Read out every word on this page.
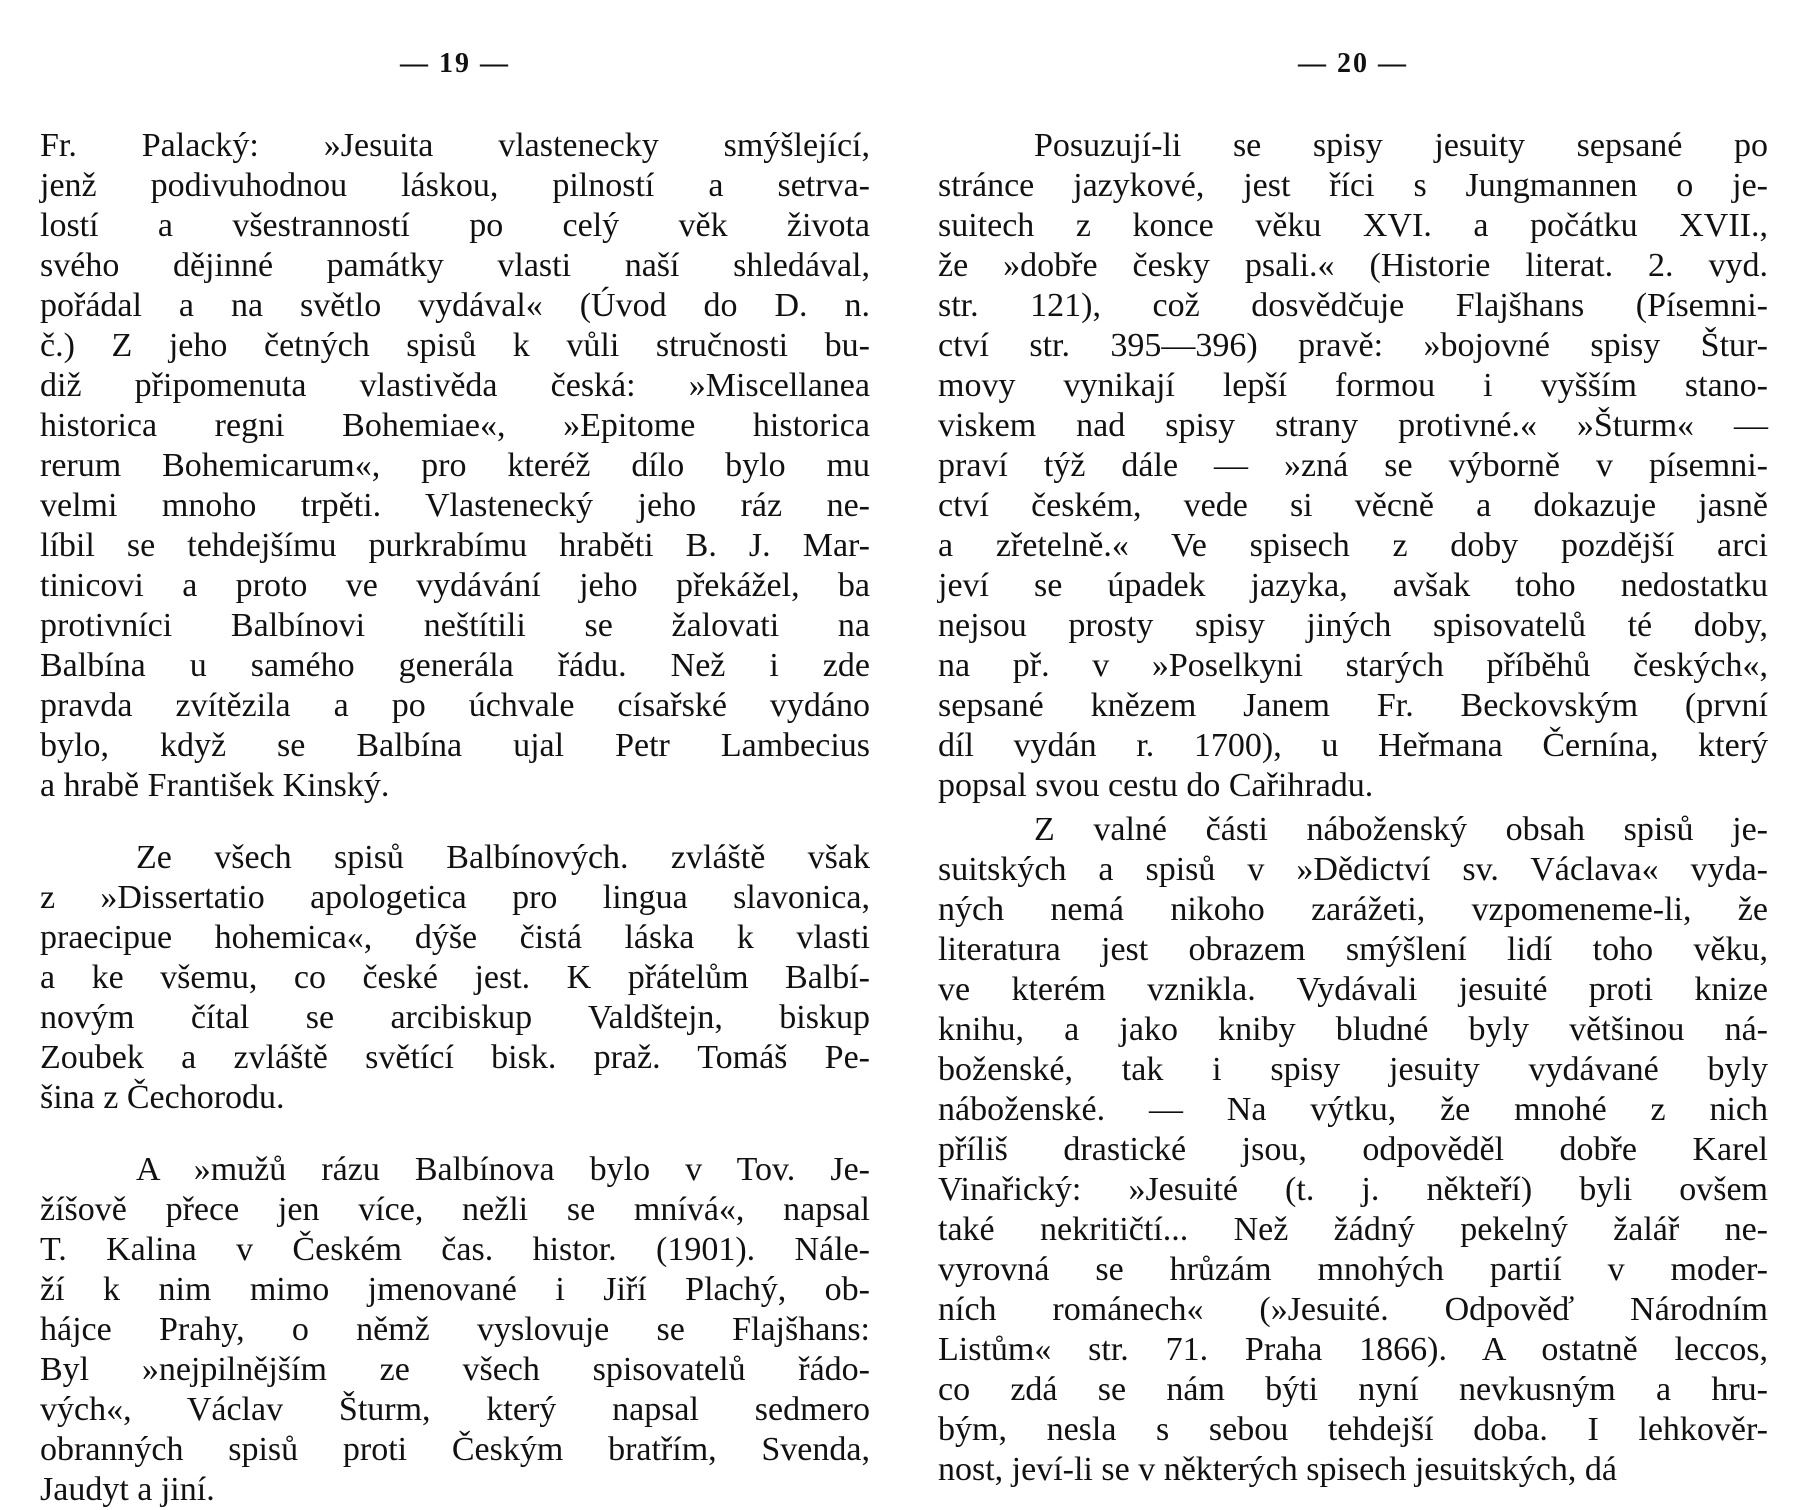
— 19 —
Fr. Palacký: »Jesuita vlastenecky smýšlející,
jenž podivuhodnou láskou, pilností a setrva-
lostí a všestranností po celý věk života
svého dějinné památky vlasti naší shledával,
pořádal a na světlo vydával« (Úvod do D. n.
č.) Z jeho četných spisů k vůli stručnosti bu-
diž připomenuta vlastivěda česká: »Miscellanea
historica regni Bohemiae«, »Epitome historica
rerum Bohemicarum«, pro kteréž dílo bylo mu
velmi mnoho trpěti. Vlastenecký jeho ráz ne-
líbil se tehdejšímu purkrabímu hraběti B. J. Mar-
tinicovi a proto ve vydávání jeho překážel, ba
protivníci Balbínovi neštítili se žalovati na
Balbína u samého generála řádu. Než i zde
pravda zvítězila a po úchvale císařské vydáno
bylo, když se Balbína ujal Petr Lambecius
a hrabě František Kinský.
Ze všech spisů Balbínových. zvláště však
z »Dissertatio apologetica pro lingua slavonica,
praecipue hohemica«, dýše čistá láska k vlasti
a ke všemu, co české jest. K přátelům Balbí-
novým čítal se arcibiskup Valdštejn, biskup
Zoubek a zvláště světící bisk. praž. Tomáš Pe-
šina z Čechorodu.
A »mužů rázu Balbínova bylo v Tov. Je-
žíšově přece jen více, nežli se mnívá«, napsal
T. Kalina v Českém čas. histor. (1901). Nále-
ží k nim mimo jmenované i Jiří Plachý, ob-
hájce Prahy, o němž vyslovuje se Flajšhans:
Byl »nejpilnějším ze všech spisovatelů řádo-
vých«, Václav Šturm, který napsal sedmero
obranných spisů proti Českým bratřím, Svenda,
Jaudyt a jiní.
— 20 —
Posuzují-li se spisy jesuity sepsané po
stránce jazykové, jest říci s Jungmannen o je-
suitech z konce věku XVI. a počátku XVII.,
že »dobře česky psali.« (Historie literat. 2. vyd.
str. 121), což dosvědčuje Flajšhans (Písemni-
ctví str. 395—396) pravě: »bojovné spisy Štur-
movy vynikají lepší formou i vyšším stano-
viskem nad spisy strany protivné.« »Šturm« —
praví týž dále — »zná se výborně v písemni-
ctví českém, vede si věcně a dokazuje jasně
a zřetelně.« Ve spisech z doby pozdější arci
jeví se úpadek jazyka, avšak toho nedostatku
nejsou prosty spisy jiných spisovatelů té doby,
na př. v »Poselkyni starých příběhů českých«,
sepsané knězem Janem Fr. Beckovským (první
díl vydán r. 1700), u Heřmana Černína, který
popsal svou cestu do Cařihradu.
Z valné části náboženský obsah spisů je-
suitských a spisů v »Dědictví sv. Václava« vyda-
ných nemá nikoho zarážeti, vzpomeneme-li, že
literatura jest obrazem smýšlení lidí toho věku,
ve kterém vznikla. Vydávali jesuité proti knize
knihu, a jako kniby bludné byly většinou ná-
boženské, tak i spisy jesuity vydávané byly
náboženské. — Na výtku, že mnohé z nich
příliš drastické jsou, odpověděl dobře Karel
Vinařický: »Jesuité (t. j. někteří) byli ovšem
také nekritičtí... Než žádný pekelný žalář ne-
vyrovná se hrůzám mnohých partií v moder-
ních románech« (»Jesuité. Odpověď Národním
Listům« str. 71. Praha 1866). A ostatně leccos,
co zdá se nám býti nyní nevkusným a hru-
bým, nesla s sebou tehdejší doba. I lehkověr-
nost, jeví-li se v některých spisech jesuitských, dá
